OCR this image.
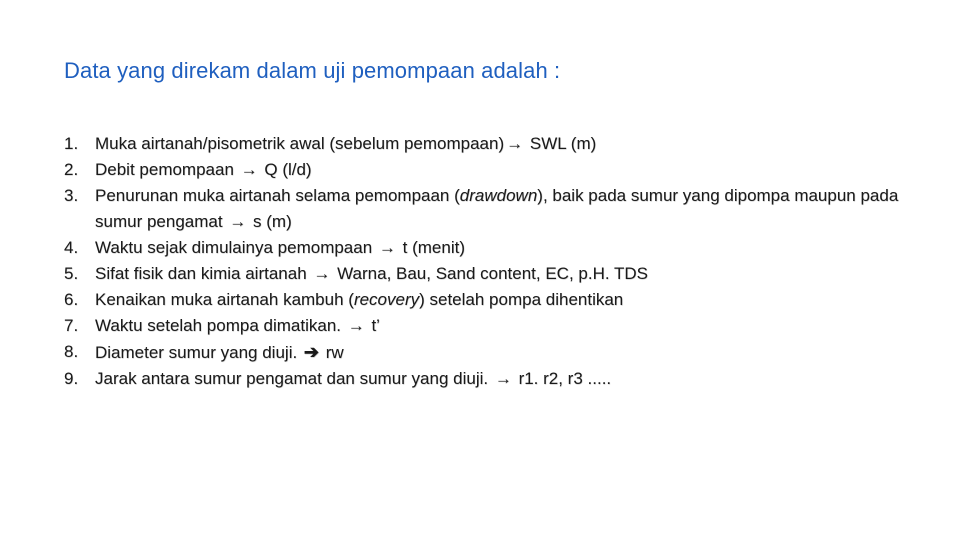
Data yang direkam dalam uji pemompaan adalah :
1. Muka airtanah/pisometrik awal (sebelum pemompaan) → SWL (m)
2. Debit pemompaan → Q (l/d)
3. Penurunan muka airtanah selama pemompaan (drawdown), baik pada sumur yang dipompa maupun pada sumur pengamat → s (m)
4. Waktu sejak dimulainya pemompaan → t (menit)
5. Sifat fisik dan kimia airtanah → Warna, Bau, Sand content, EC, p.H. TDS
6. Kenaikan muka airtanah kambuh (recovery) setelah pompa dihentikan
7. Waktu setelah pompa dimatikan. → t’
8. Diameter sumur yang diuji. ➔ rw
9. Jarak antara sumur pengamat dan sumur yang diuji. → r1. r2, r3 .....
